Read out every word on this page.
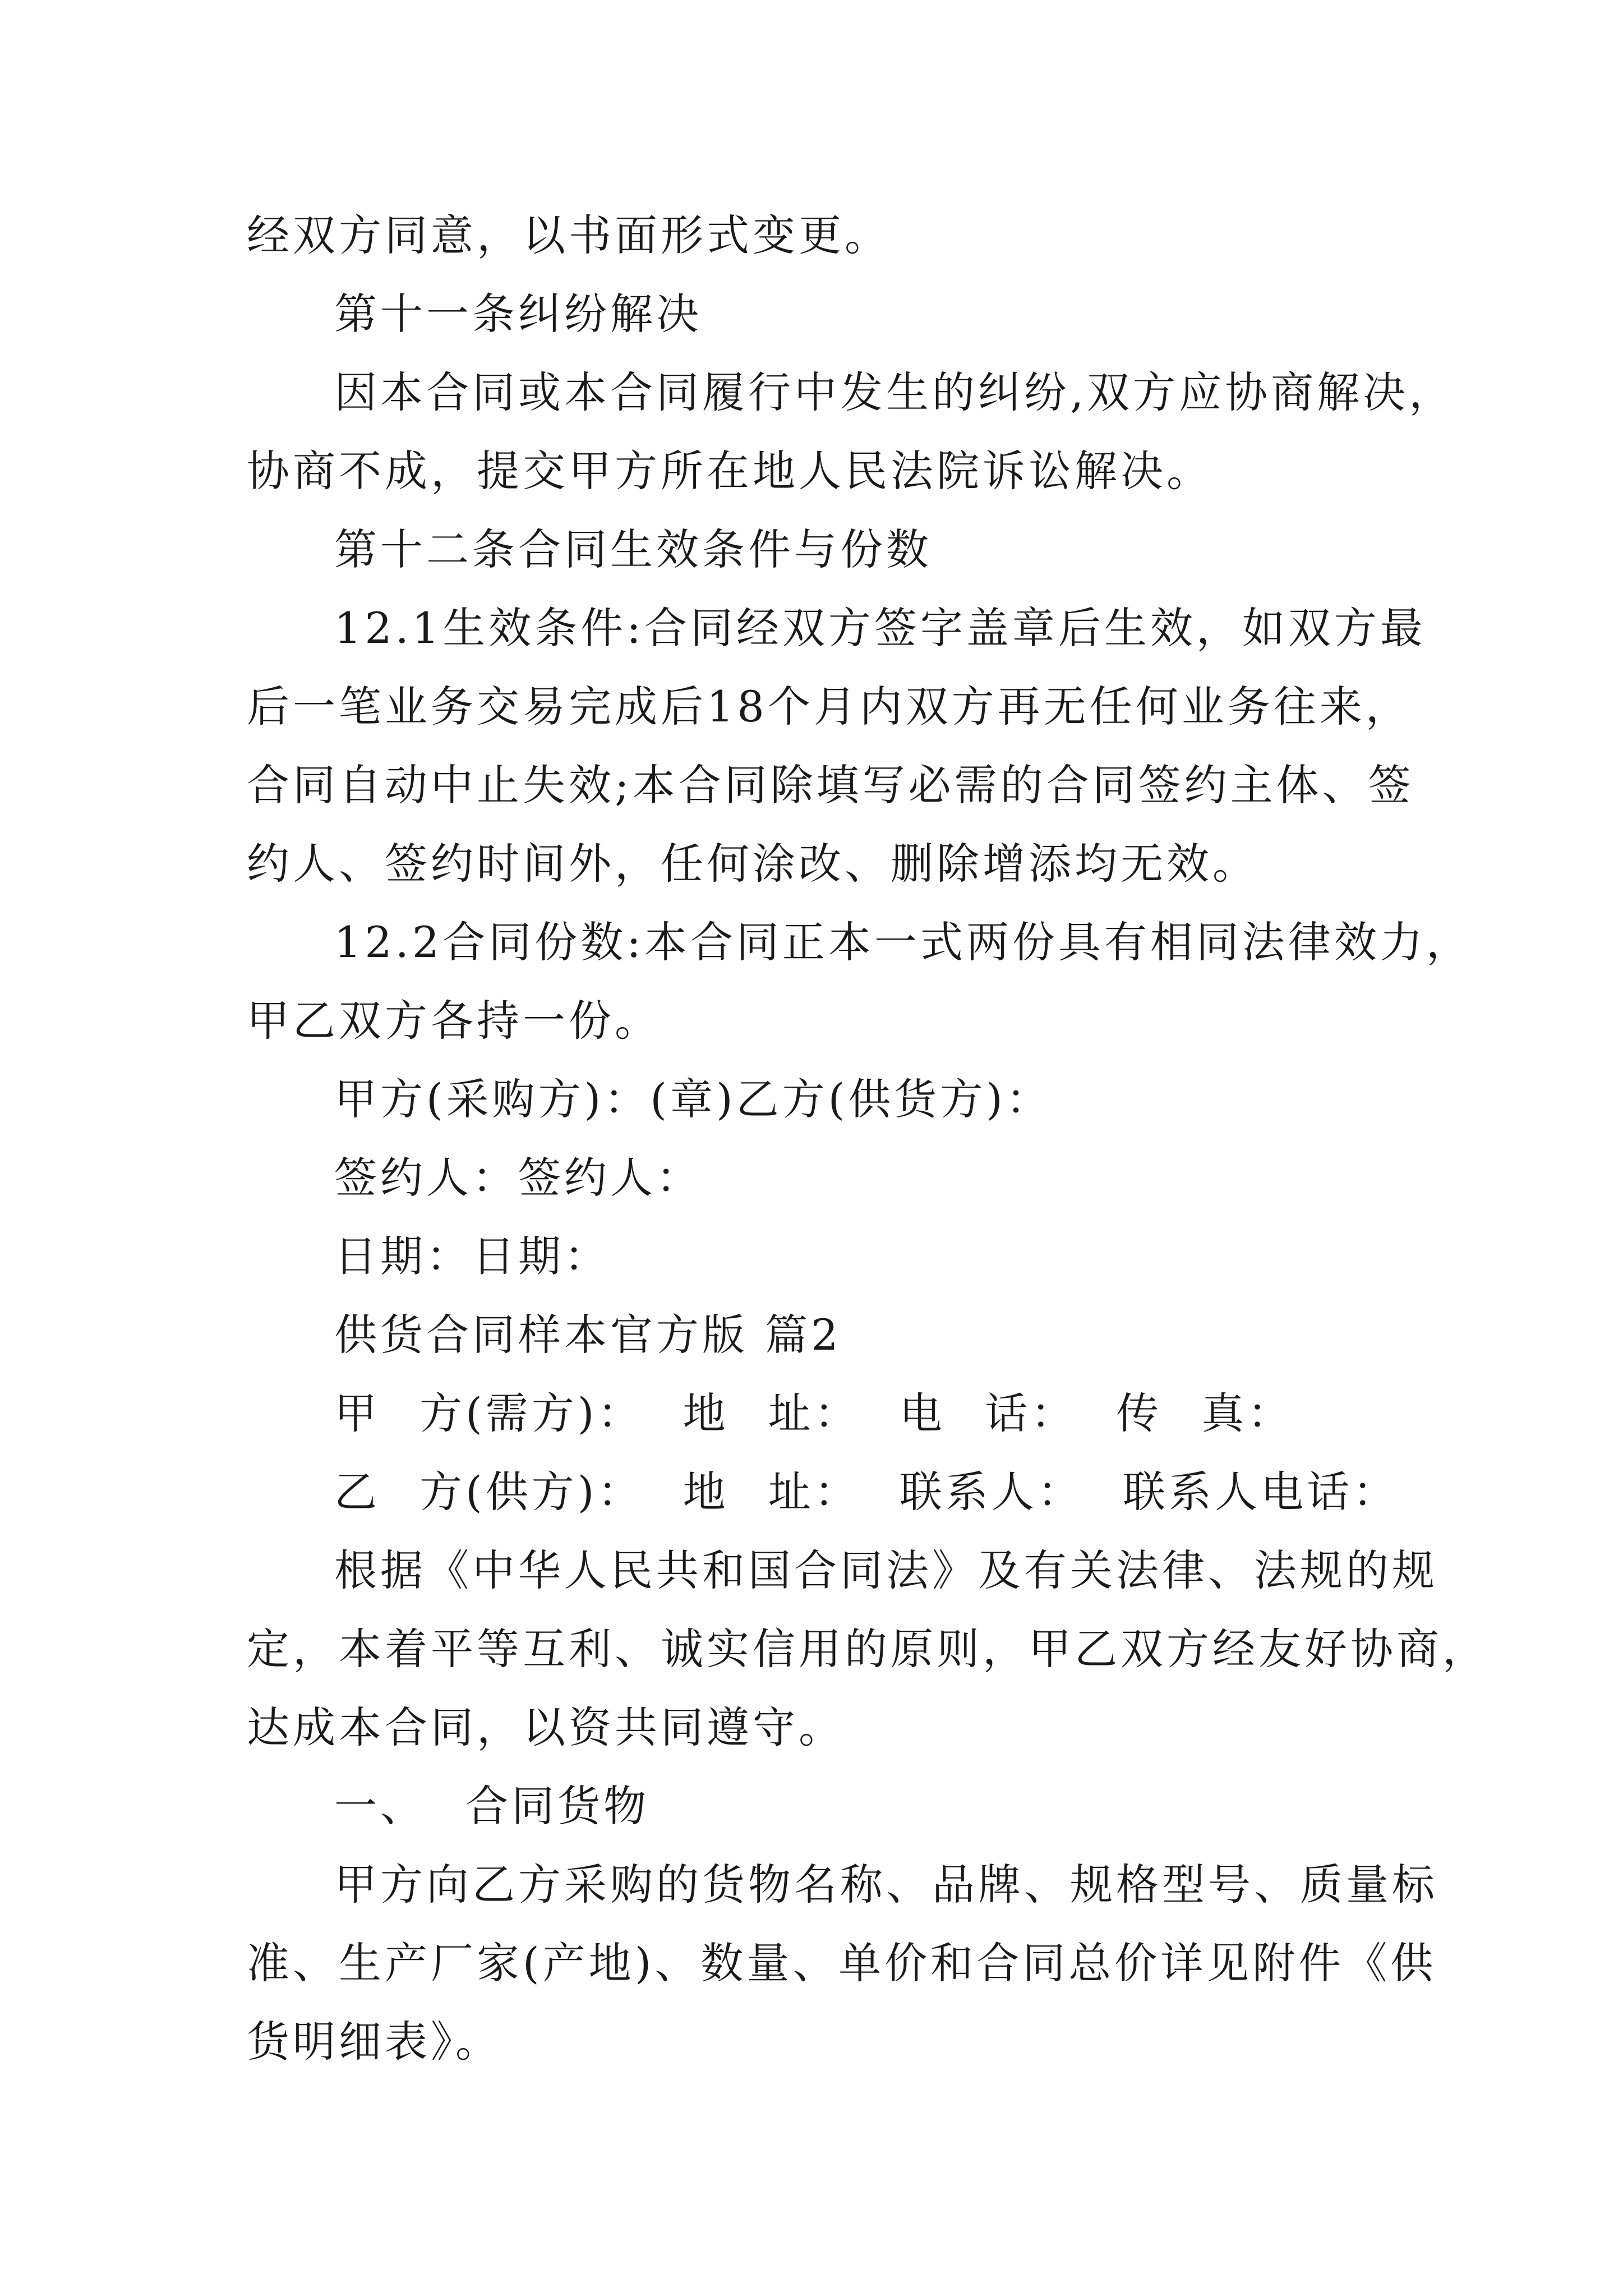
经双方同意，以书面形式变更。
第十一条纠纷解决
因本合同或本合同履行中发生的纠纷,双方应协商解决，
协商不成，提交甲方所在地人民法院诉讼解决。
第十二条合同生效条件与份数
12.1生效条件:合同经双方签字盖章后生效，如双方最
后一笔业务交易完成后18个月内双方再无任何业务往来，
合同自动中止失效;本合同除填写必需的合同签约主体、签
约人、签约时间外，任何涂改、删除增添均无效。
12.2合同份数:本合同正本一式两份具有相同法律效力，
甲乙双方各持一份。
甲方(采购方)：(章)乙方(供货方)：
签约人：签约人：
日期：日期：
供货合同样本官方版 篇2
甲 方(需方)： 地 址： 电 话： 传 真：
乙 方(供方)： 地 址： 联系人： 联系人电话：
根据《中华人民共和国合同法》及有关法律、法规的规
定，本着平等互利、诚实信用的原则，甲乙双方经友好协商，
达成本合同，以资共同遵守。
一、 合同货物
甲方向乙方采购的货物名称、品牌、规格型号、质量标
准、生产厂家(产地)、数量、单价和合同总价详见附件《供
货明细表》。
